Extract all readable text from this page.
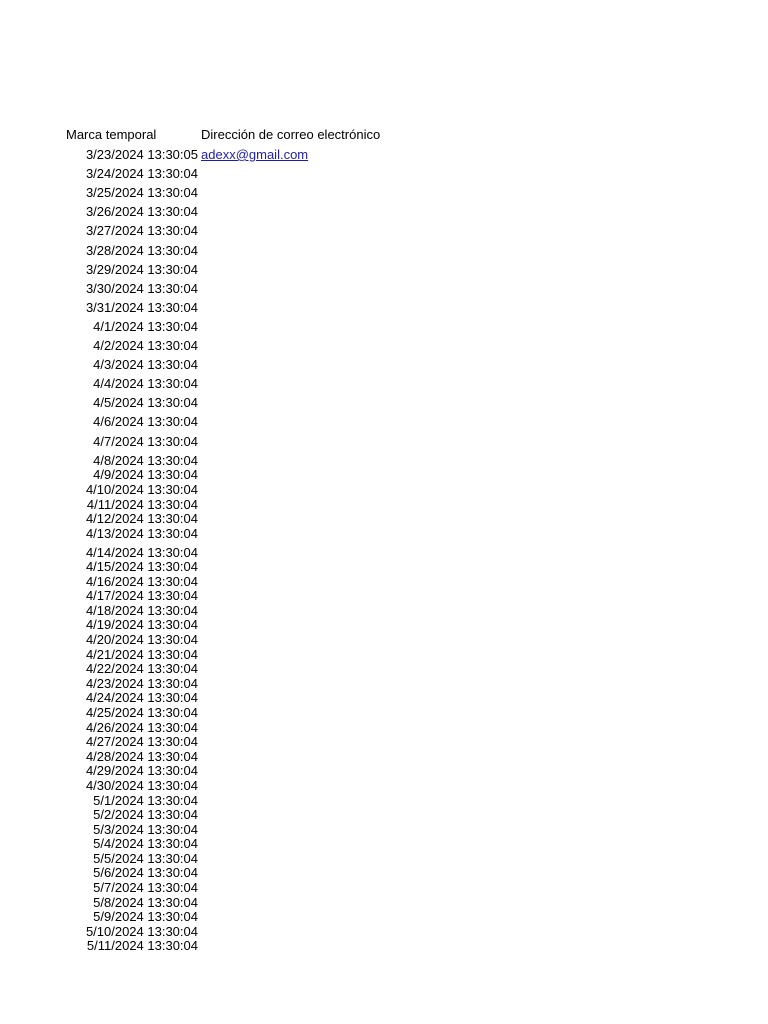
Marca temporal	Dirección de correo electrónico
3/23/2024 13:30:05 adexx@gmail.com
3/24/2024 13:30:04
3/25/2024 13:30:04
3/26/2024 13:30:04
3/27/2024 13:30:04
3/28/2024 13:30:04
3/29/2024 13:30:04
3/30/2024 13:30:04
3/31/2024 13:30:04
4/1/2024 13:30:04
4/2/2024 13:30:04
4/3/2024 13:30:04
4/4/2024 13:30:04
4/5/2024 13:30:04
4/6/2024 13:30:04
4/7/2024 13:30:04
4/8/2024 13:30:04
4/9/2024 13:30:04
4/10/2024 13:30:04
4/11/2024 13:30:04
4/12/2024 13:30:04
4/13/2024 13:30:04
4/14/2024 13:30:04
4/15/2024 13:30:04
4/16/2024 13:30:04
4/17/2024 13:30:04
4/18/2024 13:30:04
4/19/2024 13:30:04
4/20/2024 13:30:04
4/21/2024 13:30:04
4/22/2024 13:30:04
4/23/2024 13:30:04
4/24/2024 13:30:04
4/25/2024 13:30:04
4/26/2024 13:30:04
4/27/2024 13:30:04
4/28/2024 13:30:04
4/29/2024 13:30:04
4/30/2024 13:30:04
5/1/2024 13:30:04
5/2/2024 13:30:04
5/3/2024 13:30:04
5/4/2024 13:30:04
5/5/2024 13:30:04
5/6/2024 13:30:04
5/7/2024 13:30:04
5/8/2024 13:30:04
5/9/2024 13:30:04
5/10/2024 13:30:04
5/11/2024 13:30:04
